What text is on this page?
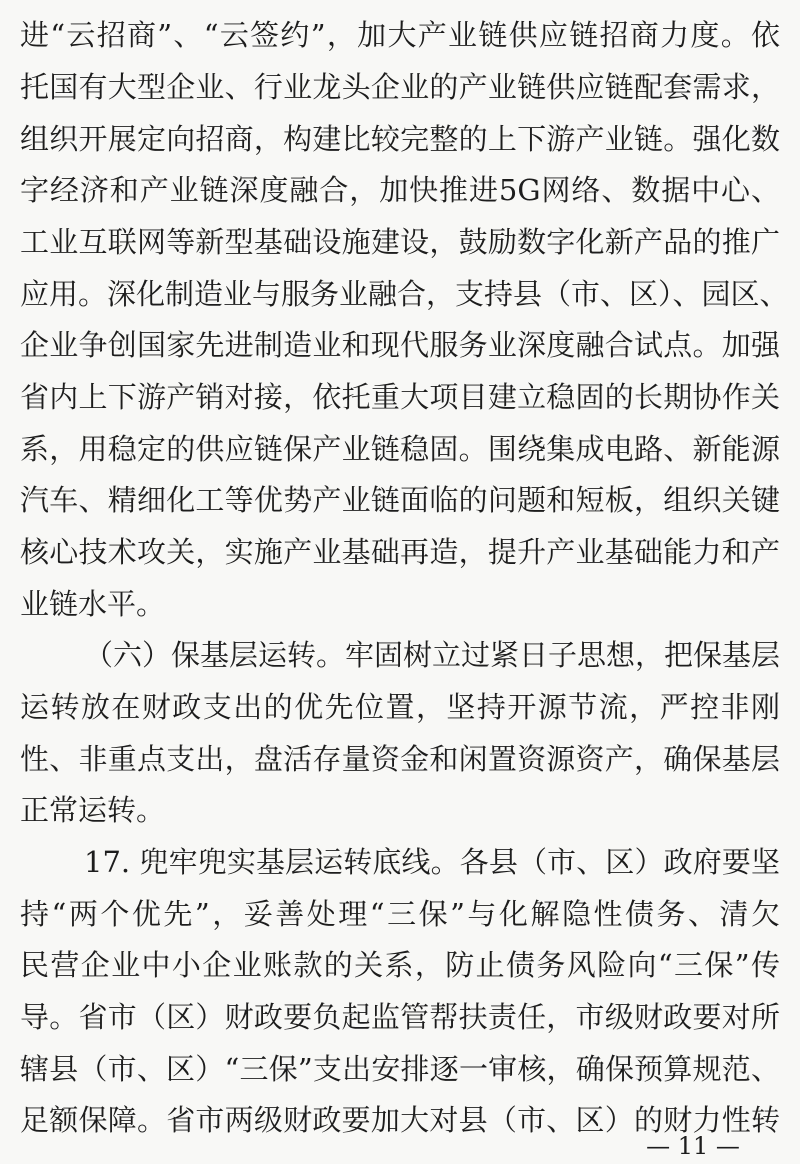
进“云招商”、“云签约”，加大产业链供应链招商力度。依
托国有大型企业、行业龙头企业的产业链供应链配套需求，
组织开展定向招商，构建比较完整的上下游产业链。强化数
字经济和产业链深度融合，加快推进5G网络、数据中心、
工业互联网等新型基础设施建设，鼓励数字化新产品的推广
应用。深化制造业与服务业融合，支持县（市、区）、园区、
企业争创国家先进制造业和现代服务业深度融合试点。加强
省内上下游产销对接，依托重大项目建立稳固的长期协作关
系，用稳定的供应链保产业链稳固。围绕集成电路、新能源
汽车、精细化工等优势产业链面临的问题和短板，组织关键
核心技术攻关，实施产业基础再造，提升产业基础能力和产
业链水平。
（六）保基层运转。牢固树立过紧日子思想，把保基层
运转放在财政支出的优先位置，坚持开源节流，严控非刚
性、非重点支出，盘活存量资金和闲置资源资产，确保基层
正常运转。
17. 兜牢兜实基层运转底线。各县（市、区）政府要坚
持“两个优先”，妥善处理“三保”与化解隐性债务、清欠
民营企业中小企业账款的关系，防止债务风险向“三保”传
导。省市（区）财政要负起监管帮扶责任，市级财政要对所
辖县（市、区）“三保”支出安排逐一审核，确保预算规范、
足额保障。省市两级财政要加大对县（市、区）的财力性转
— 11 —
